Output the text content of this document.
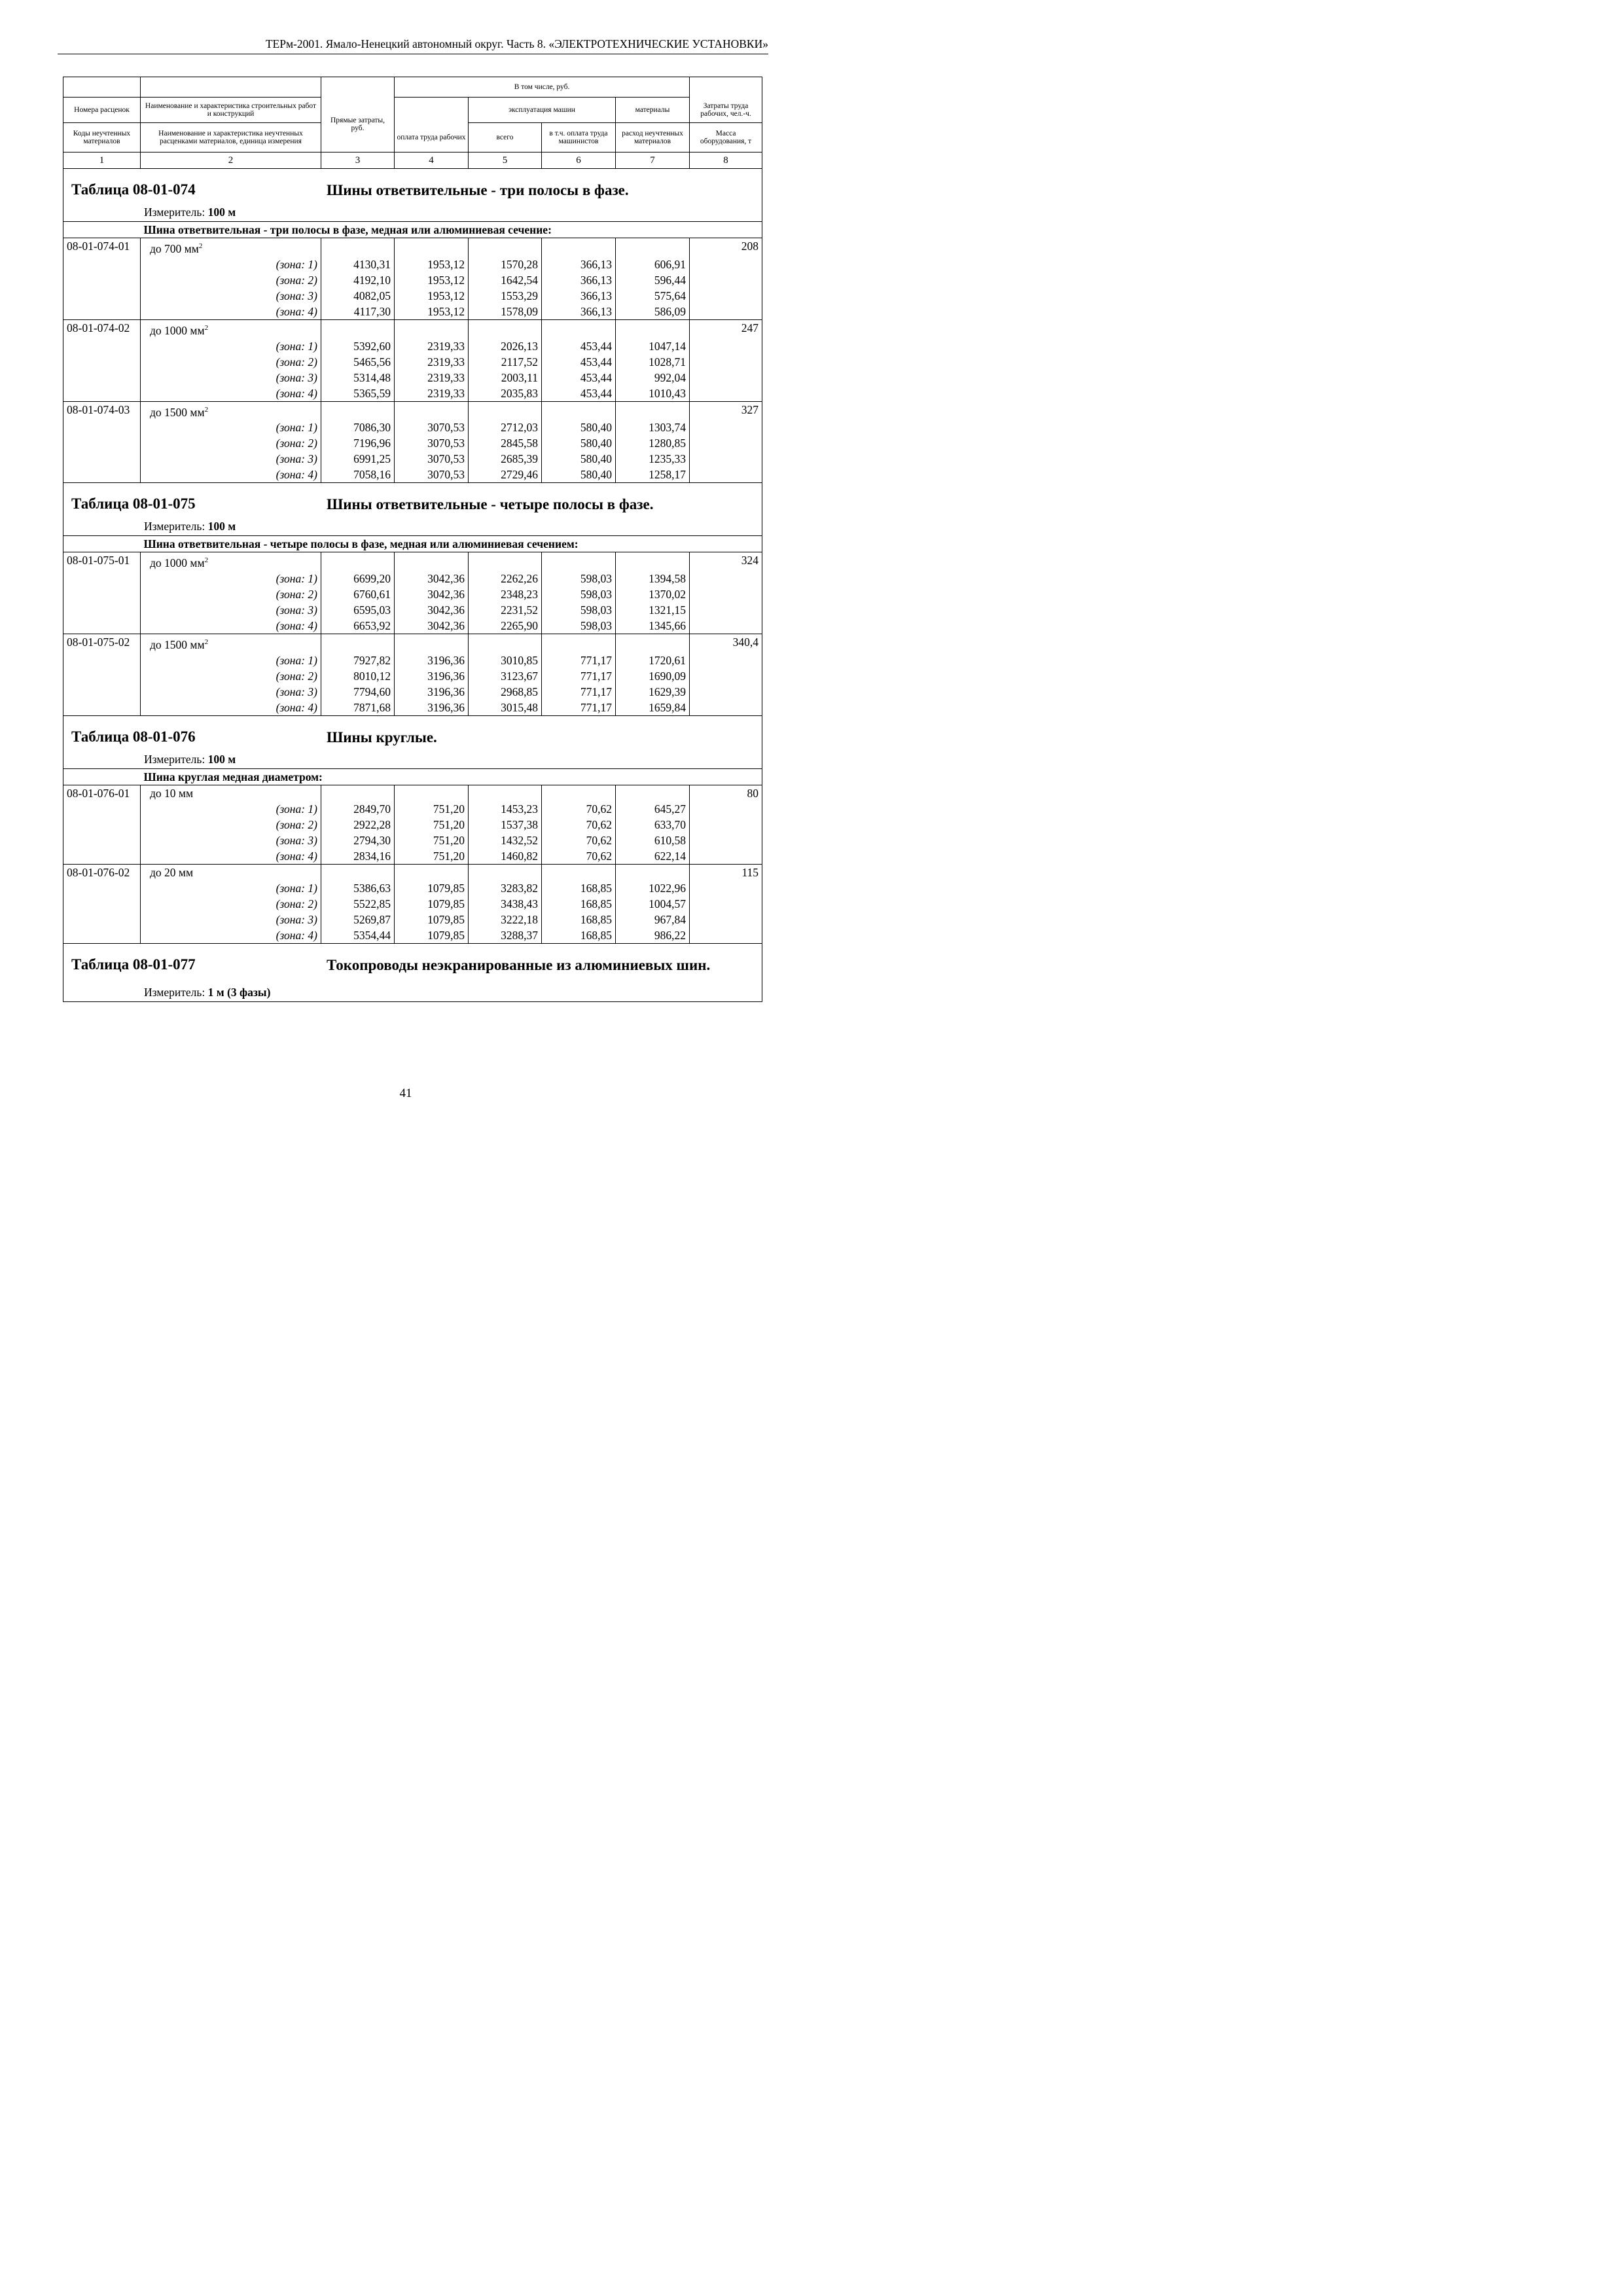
ТЕРм-2001. Ямало-Ненецкий автономный округ. Часть 8. «ЭЛЕКТРОТЕХНИЧЕСКИЕ УСТАНОВКИ»
			В том числе, руб.				
Номера расценок	Наименование и характеристика строительных работ и конструкций	Прямые затраты, руб.		эксплуатация машин		материалы	Затраты труда рабочих, чел.-ч.
Коды неучтенных материалов	Наименование и характеристика неучтенных расценками материалов, единица измерения		оплата труда рабочих	всего	в т.ч. оплата труда машинистов	расход неучтенных материалов	Масса оборудования, т
1	2	3	4	5	6	7	8

Таблица 08-01-074 Шины ответвительные - три полосы в фазе.
Измеритель: 100 м							

	Шина ответвительная - три полосы в фазе, медная или алюминиевая сечение:						
08-01-074-01	до 700 $мм^2$						208
	(зона: 1)	4130,31	1953,12	1570,28	366,13	606,91	
	(зона: 2)	4192,10	1953,12	1642,54	366,13	596,44	
	(зона: 3)	4082,05	1953,12	1553,29	366,13	575,64	
	(зона: 4)	4117,30	1953,12	1578,09	366,13	586,09	
08-01-074-02	до 1000 $мм^2$						247
	(зона: 1)	5392,60	2319,33	2026,13	453,44	1047,14	
	(зона: 2)	5465,56	2319,33	2117,52	453,44	1028,71	
	(зона: 3)	5314,48	2319,33	2003,11	453,44	992,04	
	(зона: 4)	5365,59	2319,33	2035,83	453,44	1010,43	
08-01-074-03	до 1500 $мм^2$						327
	(зона: 1)	7086,30	3070,53	2712,03	580,40	1303,74	
	(зона: 2)	7196,96	3070,53	2845,58	580,40	1280,85	
	(зона: 3)	6991,25	3070,53	2685,39	580,40	1235,33	
	(зона: 4)	7058,16	3070,53	2729,46	580,40	1258,17	

Таблица 08-01-075 Шины ответвительные - четыре полосы в фазе.
Измеритель: 100 м							

	Шина ответвительная - четыре полосы в фазе, медная или алюминиевая сечением:						
08-01-075-01	до 1000 $мм^2$						324
	(зона: 1)	6699,20	3042,36	2262,26	598,03	1394,58	
	(зона: 2)	6760,61	3042,36	2348,23	598,03	1370,02	
	(зона: 3)	6595,03	3042,36	2231,52	598,03	1321,15	
	(зона: 4)	6653,92	3042,36	2265,90	598,03	1345,66	
08-01-075-02	до 1500 $мм^2$						340,4
	(зона: 1)	7927,82	3196,36	3010,85	771,17	1720,61	
	(зона: 2)	8010,12	3196,36	3123,67	771,17	1690,09	
	(зона: 3)	7794,60	3196,36	2968,85	771,17	1629,39	
	(зона: 4)	7871,68	3196,36	3015,48	771,17	1659,84	

Таблица 08-01-076 Шины круглые.
Измеритель: 100 м							

	Шина круглая медная диаметром:						
08-01-076-01	до 10 мм						80
	(зона: 1)	2849,70	751,20	1453,23	70,62	645,27	
	(зона: 2)	2922,28	751,20	1537,38	70,62	633,70	
	(зона: 3)	2794,30	751,20	1432,52	70,62	610,58	
	(зона: 4)	2834,16	751,20	1460,82	70,62	622,14	
08-01-076-02	до 20 мм						115
	(зона: 1)	5386,63	1079,85	3283,82	168,85	1022,96	
	(зона: 2)	5522,85	1079,85	3438,43	168,85	1004,57	
	(зона: 3)	5269,87	1079,85	3222,18	168,85	967,84	
	(зона: 4)	5354,44	1079,85	3288,37	168,85	986,22	

Таблица 08-01-077 Токопроводы неэкранированные из алюминиевых шин.
Измеритель: 1 м (3 фазы)							
41
